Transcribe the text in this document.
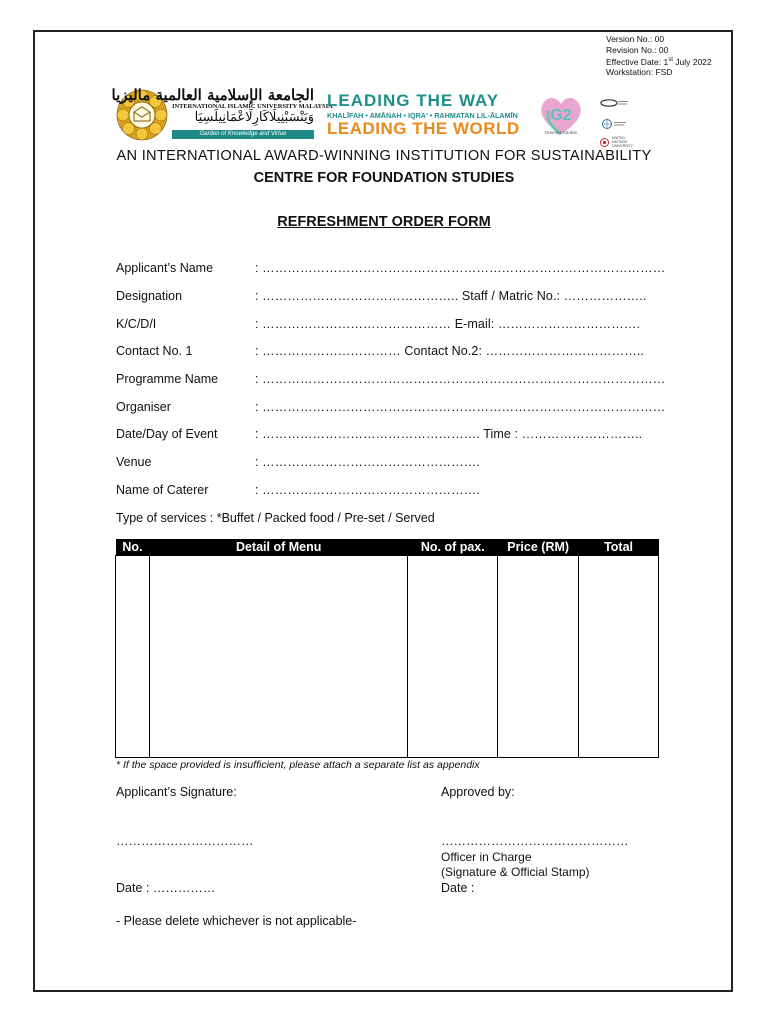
Version No.: 00
Revision No.: 00
Effective Date: 1st July 2022
Workstation: FSD
الجامعة الإسلامية العالمية ماليزيا
INTERNATIONAL ISLAMIC UNIVERSITY MALAYSIA
وَيَنْسَبْنِيلَاكَارِلَاعْمَانِيلَسِيَا
Garden of Knowledge and Virtue
LEADING THE WAY
KHALĪFAH • AMĀNAH • IQRA' • RAHMATAN LIL-ĀLAMĪN
LEADING THE WORLD
G2
Greener Garden
UNITED NATIONS UNIVERSITY
AN INTERNATIONAL AWARD-WINNING INSTITUTION FOR SUSTAINABILITY
CENTRE FOR FOUNDATION STUDIES
REFRESHMENT ORDER FORM
Applicant’s Name	: ……………………………………………………………………………………
Designation	: ……………………………………….. Staff / Matric No.: ………………..
K/C/D/I	: ……………………………………… E-mail: …………………………….
Contact No. 1	: …………………………… Contact No.2: ………………………………..
Programme Name	: ……………………………………………………………………………………
Organiser	: ……………………………………………………………………………………
Date/Day of Event	: ……………………………………………. Time : ………………………..
Venue	: …………………………………………….
Name of Caterer	: …………………………………………….
Type of services : *Buffet / Packed food / Pre-set / Served
No.	Detail of Menu	No. of pax.	Price (RM)	Total

* If the space provided is insufficient, please attach a separate list as appendix
Applicant’s Signature:
……………………………
Date : ……………
Approved by:
………………………………………
Officer in Charge
(Signature & Official Stamp)
Date :
- Please delete whichever is not applicable-
